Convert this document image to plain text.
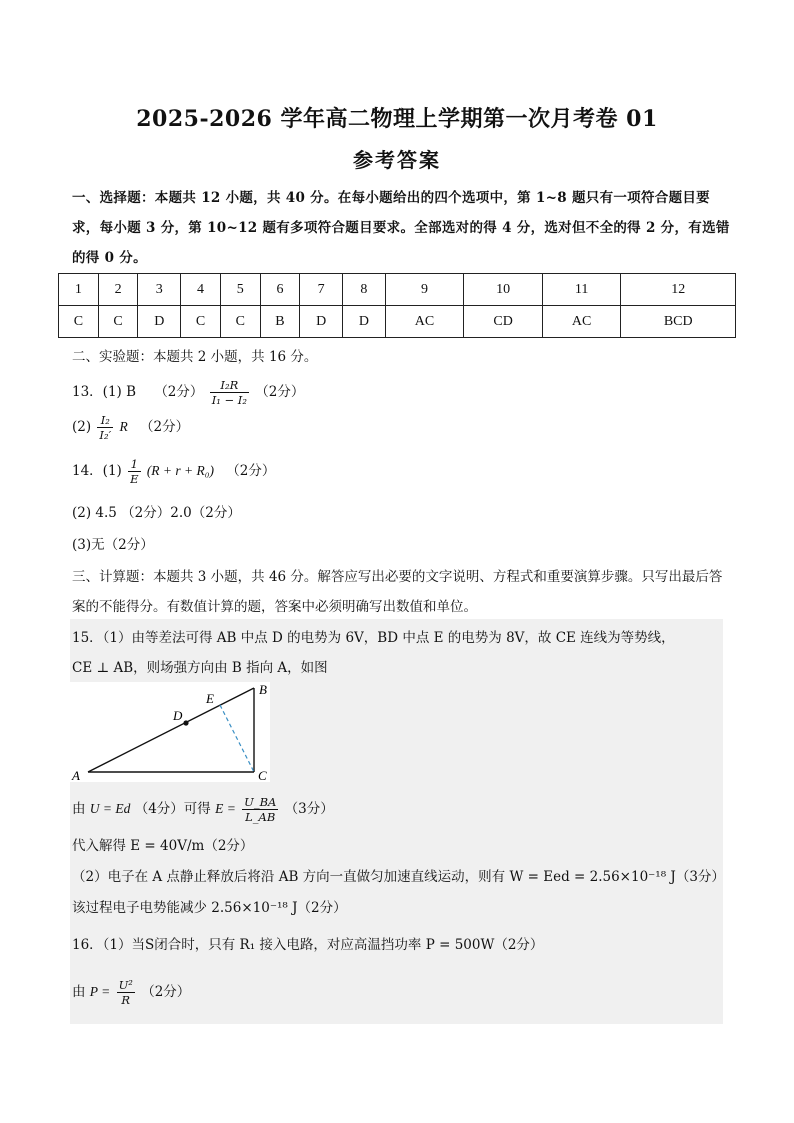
2025-2026 学年高二物理上学期第一次月考卷 01
参考答案
一、选择题：本题共 12 小题，共 40 分。在每小题给出的四个选项中，第 1~8 题只有一项符合题目要求，每小题 3 分，第 10~12 题有多项符合题目要求。全部选对的得 4 分，选对但不全的得 2 分，有选错的得 0 分。
1	2	3	4	5	6	7	8	9	10	11	12
C	C	D	C	C	B	D	D	AC	CD	AC	BCD
二、实验题：本题共 2 小题，共 16 分。
13．(1) B （2分） $\frac{\text{I₂R}}{\text{I₁ − I₂}} (2$分）
$(2) \frac{\text{I₂}}{\text{I₂′}}$ R （2分）
14．$(1) \frac{1}{E} (R + r + R_0)$ （2分）
(2) 4.5 （2分）2.0（2分）
(3)无（2分）
三、计算题：本题共 3 小题，共 46 分。解答应写出必要的文字说明、方程式和重要演算步骤。只写出最后答案的不能得分。有数值计算的题，答案中必须明确写出数值和单位。
15．（1）由等差法可得 AB 中点 D 的电势为 6V，BD 中点 E 的电势为 8V，故 CE 连线为等势线，
CE ⊥ AB，则场强方向由 B 指向 A，如图
A
B
C
D
E
由 U = Ed （4分）可得 $E = \frac{U\_BA}{L\_AB} (3$分）
代入解得 E = 40V/m（2分）
（2）电子在 A 点静止释放后将沿 AB 方向一直做匀加速直线运动，则有 W = Eed = 2.56×10⁻¹⁸ J（3分）
该过程电子电势能减少 2.56×10⁻¹⁸ J（2分）
16．（1）当S闭合时，只有 R₁ 接入电路，对应高温挡功率 P = 500W（2分）
由 $P = \frac{\text{U²}}{R} (2$分）
